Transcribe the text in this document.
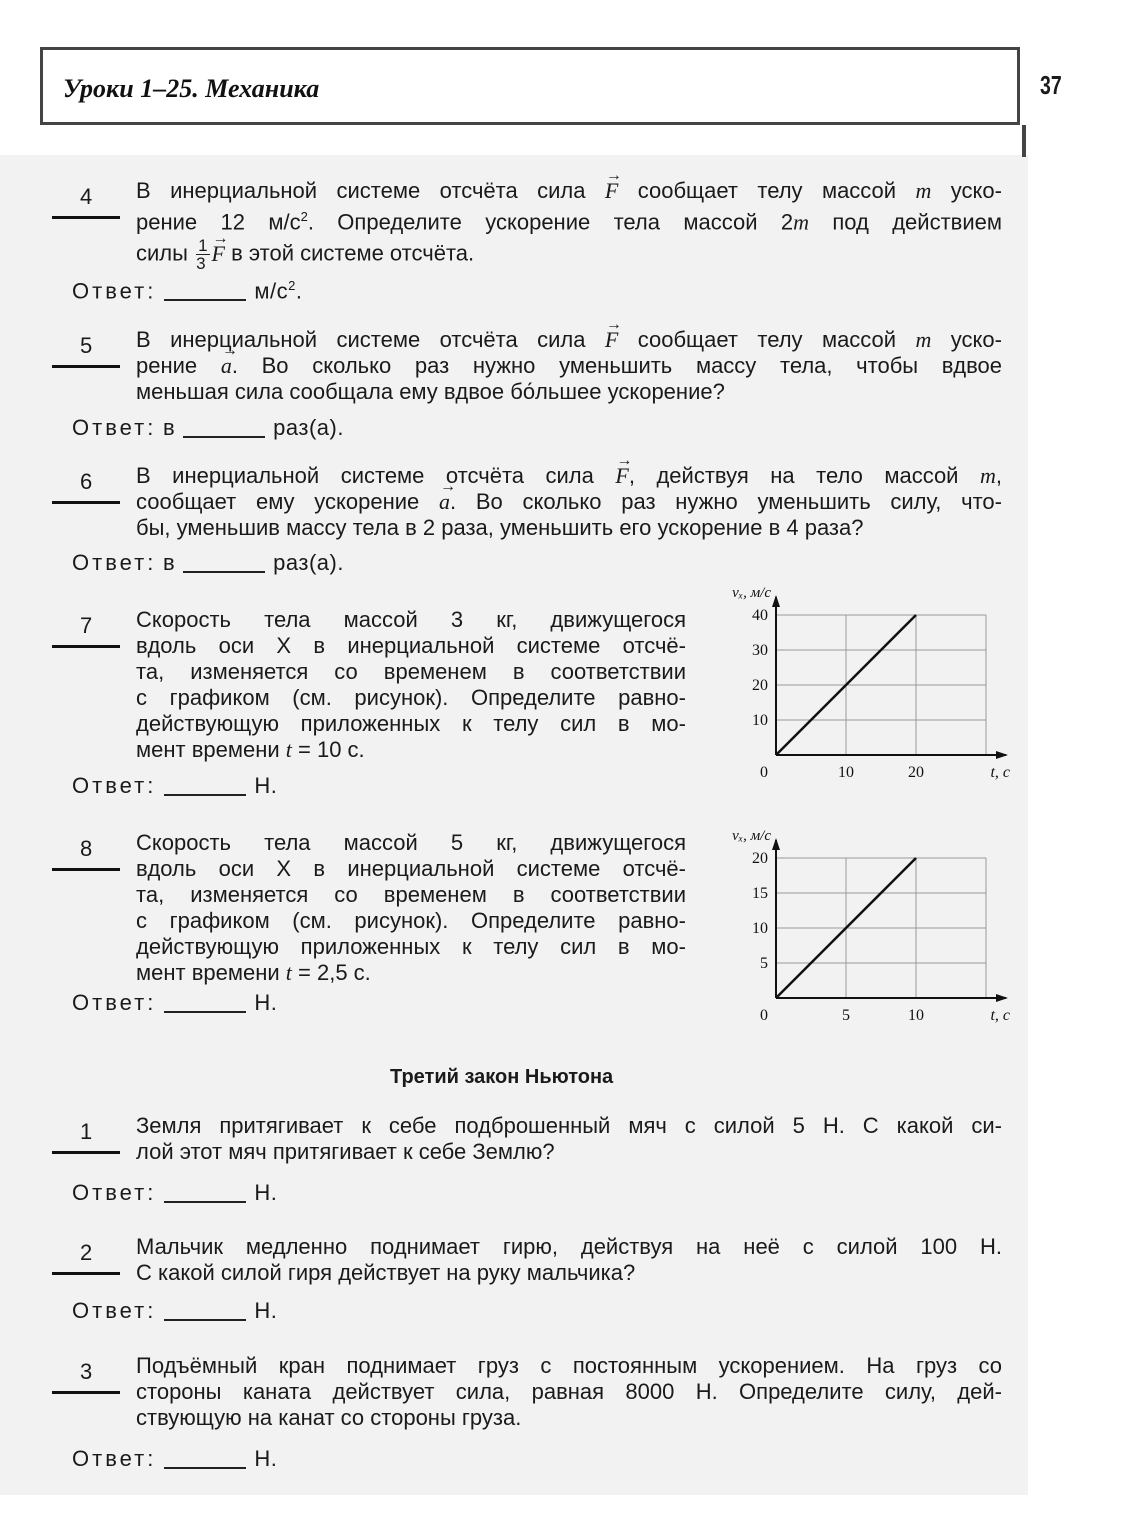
Уроки 1–25. Механика	37
4 В инерциальной системе отсчёта сила → F сообщает телу массой m уско-
рение 12 $м/с^2$. Определите ускорение тела массой 2m под действием
силы $\frac{1}{3}$
→ F в этой системе отсчёта.
Ответ:	$м/с^2$.
5 В инерциальной системе отсчёта сила → F сообщает телу массой m уско-
рение → a. Во сколько раз нужно уменьшить массу тела, чтобы вдвое
меньшая сила сообщала ему вдвое бо́льшее ускорение?
Ответ: в	раз(а).
6 В инерциальной системе отсчёта сила → F, действуя на тело массой m,
сообщает ему ускорение → a. Во сколько раз нужно уменьшить силу, что-
бы, уменьшив массу тела в 2 раза, уменьшить его ускорение в 4 раза?
Ответ: в	раз(а).
7 Скорость тела массой 3 кг, движущегося
вдоль оси X в инерциальной системе отсчё-
та, изменяется со временем в соответствии
с графиком (см. рисунок). Определите равно-
действующую приложенных к телу сил в мо-
мент времени t = 10 с.
Ответ:	Н.
10
20
30
40
0	10	20
vₓ, м/с
t, с
8 Скорость тела массой 5 кг, движущегося
вдоль оси X в инерциальной системе отсчё-
та, изменяется со временем в соответствии
с графиком (см. рисунок). Определите равно-
действующую приложенных к телу сил в мо-
мент времени t = 2,5 с.
Ответ:	Н.
5
10
15
20
0	5	10
vₓ, м/с
t, с
Третий закон Ньютона
1 Земля притягивает к себе подброшенный мяч с силой 5 Н. С какой си-
лой этот мяч притягивает к себе Землю?
Ответ:	Н.
2 Мальчик медленно поднимает гирю, действуя на неё с силой 100 Н.
С какой силой гиря действует на руку мальчика?
Ответ:	Н.
3 Подъёмный кран поднимает груз с постоянным ускорением. На груз со
стороны каната действует сила, равная 8000 Н. Определите силу, дей-
ствующую на канат со стороны груза.
Ответ:	Н.
